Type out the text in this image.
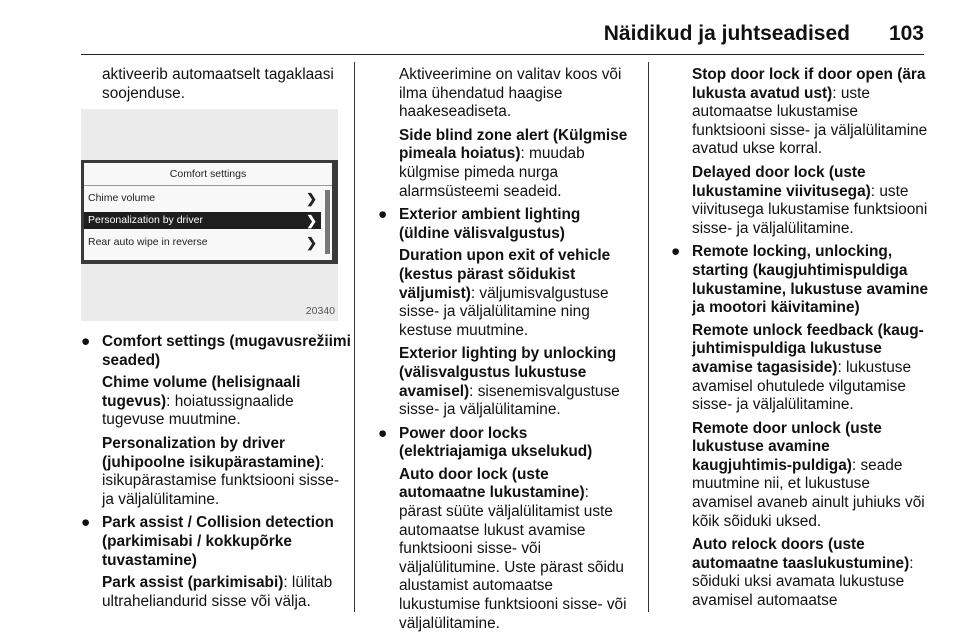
Näidikud ja juhtseadised 103

aktiveerib automaatselt tagaklaasi soojenduse.

Comfort settings
Chime volume	❯
Personalization by driver	❯
Rear auto wipe in reverse	❯
20340
● Comfort settings (mugavusrežiimi seaded)

Chime volume (helisignaali tugevus): hoiatussignaalide tugevuse muutmine.

Personalization by driver (juhipoolne isikupärastamine): isikupärastamise funktsiooni sisse- ja väljalülitamine.

● Park assist / Collision detection (parkimisabi / kokkupõrke tuvastamine)

Park assist (parkimisabi): lülitab ultraheliandurid sisse või välja.

Aktiveerimine on valitav koos või ilma ühendatud haagise haakeseadiseta.

Side blind zone alert (Külgmise pimeala hoiatus): muudab külgmise pimeda nurga alarmsüsteemi seadeid.

● Exterior ambient lighting (üldine välisvalgustus)

Duration upon exit of vehicle (kestus pärast sõidukist väljumist): väljumisvalgustuse sisse- ja väljalülitamine ning kestuse muutmine.

Exterior lighting by unlocking (välisvalgustus lukustuse avamisel): sisenemisvalgustuse sisse- ja väljalülitamine.

● Power door locks (elektriajamiga ukselukud)

Auto door lock (uste automaatne lukustamine): pärast süüte väljalülitamist uste automaatse lukust avamise funktsiooni sisse- või väljalülitumine. Uste pärast sõidu alustamist automaatse lukustumise funktsiooni sisse- või väljalülitamine.

Stop door lock if door open (ära lukusta avatud ust): uste automaatse lukustamise funktsiooni sisse- ja väljalülitamine avatud ukse korral.

Delayed door lock (uste lukustamine viivitusega): uste viivitusega lukustamise funktsiooni sisse- ja väljalülitamine.

● Remote locking, unlocking, starting (kaugjuhtimispuldiga lukustamine, lukustuse avamine ja mootori käivitamine)

Remote unlock feedback (kaug-juhtimispuldiga lukustuse avamise tagasiside): lukustuse avamisel ohutulede vilgutamise sisse- ja väljalülitamine.

Remote door unlock (uste lukustuse avamine kaugjuhtimis-puldiga): seade muutmine nii, et lukustuse avamisel avaneb ainult juhiuks või kõik sõiduki uksed.

Auto relock doors (uste automaatne taaslukustumine): sõiduki uksi avamata lukustuse avamisel automaatse
